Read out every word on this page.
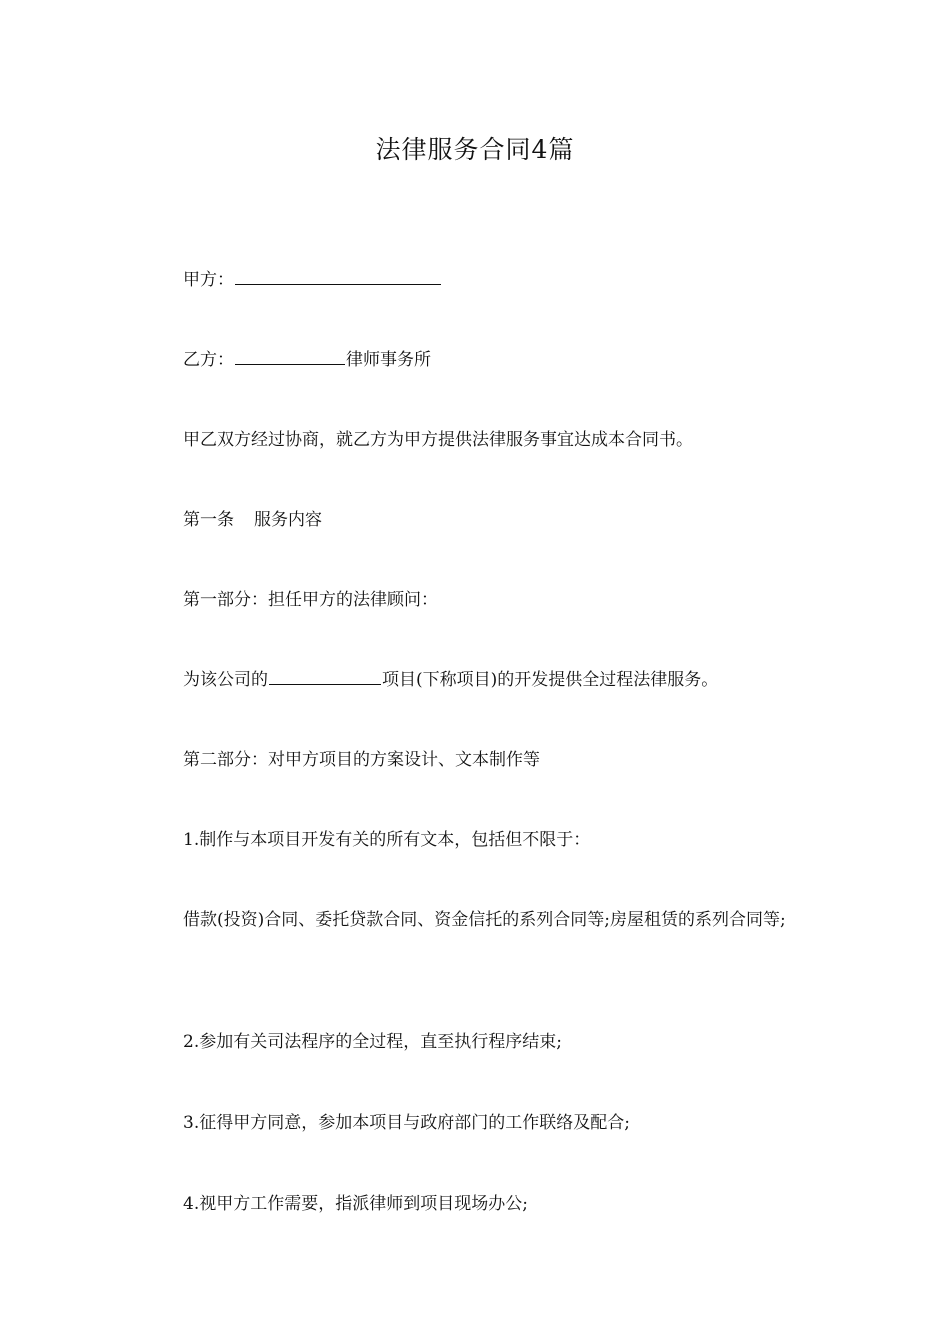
法律服务合同4篇
甲方：
乙方：	律师事务所
甲乙双方经过协商，就乙方为甲方提供法律服务事宜达成本合同书。
第一条 服务内容
第一部分：担任甲方的法律顾问：
为该公司的	项目(下称项目)的开发提供全过程法律服务。
第二部分：对甲方项目的方案设计、文本制作等
1.制作与本项目开发有关的所有文本，包括但不限于：
借款(投资)合同、委托贷款合同、资金信托的系列合同等;房屋租赁的系列合同等;
2.参加有关司法程序的全过程，直至执行程序结束;
3.征得甲方同意，参加本项目与政府部门的工作联络及配合;
4.视甲方工作需要，指派律师到项目现场办公;
